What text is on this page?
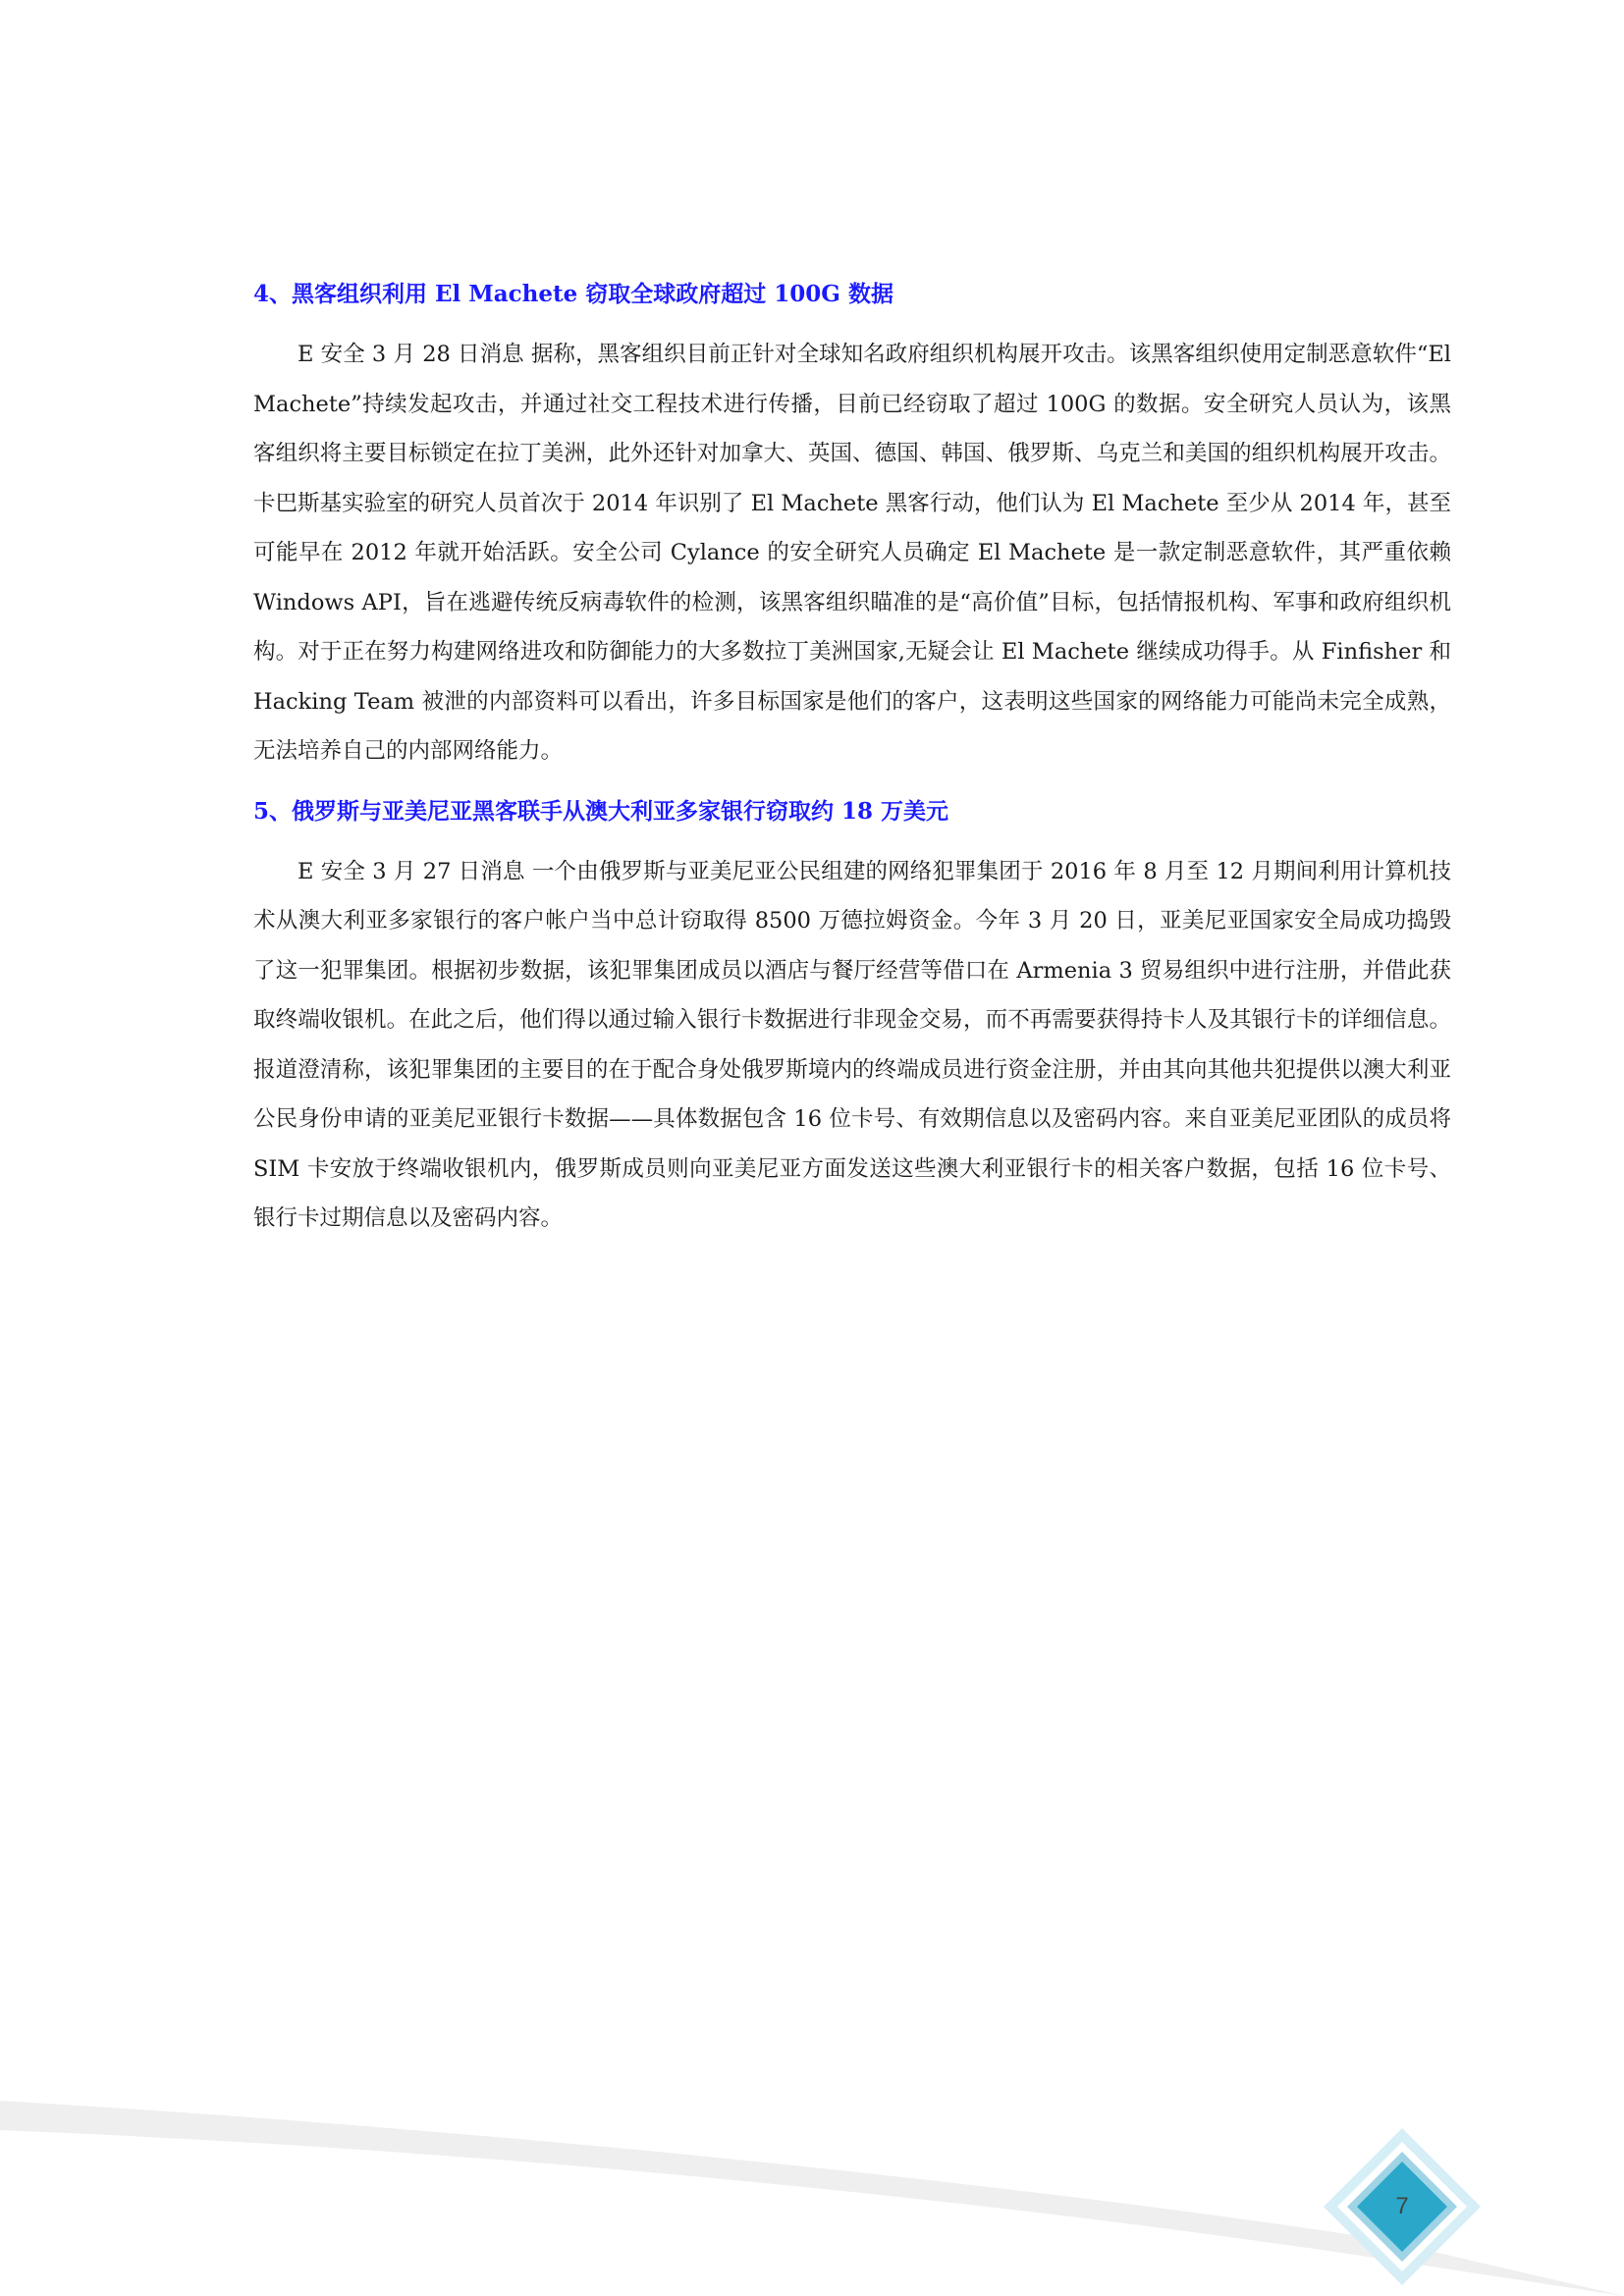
4、黑客组织利用 El Machete 窃取全球政府超过 100G 数据

E 安全 3 月 28 日消息 据称，黑客组织目前正针对全球知名政府组织机构展开攻击。该黑客组织使用定制恶意软件“El Machete”持续发起攻击，并通过社交工程技术进行传播，目前已经窃取了超过 100G 的数据。安全研究人员认为，该黑客组织将主要目标锁定在拉丁美洲，此外还针对加拿大、英国、德国、韩国、俄罗斯、乌克兰和美国的组织机构展开攻击。卡巴斯基实验室的研究人员首次于 2014 年识别了 El Machete 黑客行动，他们认为 El Machete 至少从 2014 年，甚至可能早在 2012 年就开始活跃。安全公司 Cylance 的安全研究人员确定 El Machete 是一款定制恶意软件，其严重依赖 Windows API，旨在逃避传统反病毒软件的检测，该黑客组织瞄准的是“高价值”目标，包括情报机构、军事和政府组织机构。对于正在努力构建网络进攻和防御能力的大多数拉丁美洲国家,无疑会让 El Machete 继续成功得手。从 Finfisher 和 Hacking Team 被泄的内部资料可以看出，许多目标国家是他们的客户，这表明这些国家的网络能力可能尚未完全成熟，无法培养自己的内部网络能力。

5、俄罗斯与亚美尼亚黑客联手从澳大利亚多家银行窃取约 18 万美元

E 安全 3 月 27 日消息 一个由俄罗斯与亚美尼亚公民组建的网络犯罪集团于 2016 年 8 月至 12 月期间利用计算机技术从澳大利亚多家银行的客户帐户当中总计窃取得 8500 万德拉姆资金。今年 3 月 20 日，亚美尼亚国家安全局成功捣毁了这一犯罪集团。根据初步数据，该犯罪集团成员以酒店与餐厅经营等借口在 Armenia 3 贸易组织中进行注册，并借此获取终端收银机。在此之后，他们得以通过输入银行卡数据进行非现金交易，而不再需要获得持卡人及其银行卡的详细信息。报道澄清称，该犯罪集团的主要目的在于配合身处俄罗斯境内的终端成员进行资金注册，并由其向其他共犯提供以澳大利亚公民身份申请的亚美尼亚银行卡数据——具体数据包含 16 位卡号、有效期信息以及密码内容。来自亚美尼亚团队的成员将 SIM 卡安放于终端收银机内，俄罗斯成员则向亚美尼亚方面发送这些澳大利亚银行卡的相关客户数据，包括 16 位卡号、银行卡过期信息以及密码内容。

7
